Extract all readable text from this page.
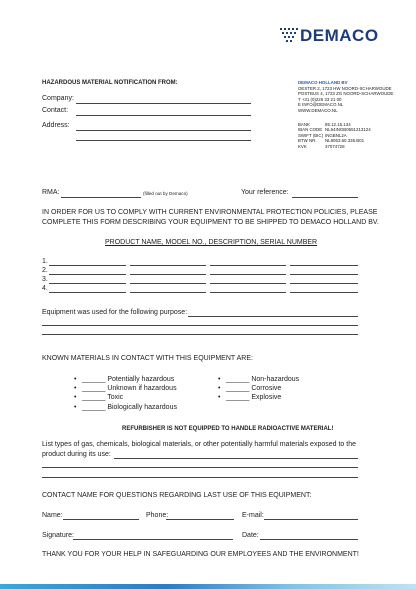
DEMACO
DEMACO HOLLAND BV
OESTER 2, 1723 HW NOORD-SCHARWOUDE
POSTBUS 4, 1723 ZG NOORD-SCHARWOUDE
T +31 (0)226 33 21 00
E INFO@DEMACO.NL
WWW.DEMACO.NL
BANK	85.12.15.134
IBAN CODE NL64INGB0651213124
SWIFT (BIC) INGBNL2A
BTW NR. NL8063.60.335.B01
KVK	37074728
HAZARDOUS MATERIAL NOTIFICATION FROM:
Company:
Contact:
Address:
RMA:	(filled out by Demaco)	Your reference:
IN ORDER FOR US TO COMPLY WITH CURRENT ENVIRONMENTAL PROTECTION POLICIES, PLEASE
COMPLETE THIS FORM DESCRIBING YOUR EQUIPMENT TO BE SHIPPED TO DEMACO HOLLAND BV.
PRODUCT NAME, MODEL NO., DESCRIPTION, SERIAL NUMBER
1.
2.
3.
4.
Equipment was used for the following purpose:
KNOWN MATERIALS IN CONTACT WITH THIS EQUIPMENT ARE:
• ______ Potentially hazardous
• ______ Unknown if hazardous
• ______ Toxic
• ______ Biologically hazardous
• ______ Non-hazardous
• ______ Corrosive
• ______ Explosive
REFURBISHER IS NOT EQUIPPED TO HANDLE RADIOACTIVE MATERIAL!
List types of gas, chemicals, biological materials, or other potentially harmful materials exposed to the
product during its use:
CONTACT NAME FOR QUESTIONS REGARDING LAST USE OF THIS EQUIPMENT:
Name:	Phone:	E-mail:
Signature:	Date:
THANK YOU FOR YOUR HELP IN SAFEGUARDING OUR EMPLOYEES AND THE ENVIRONMENT!
